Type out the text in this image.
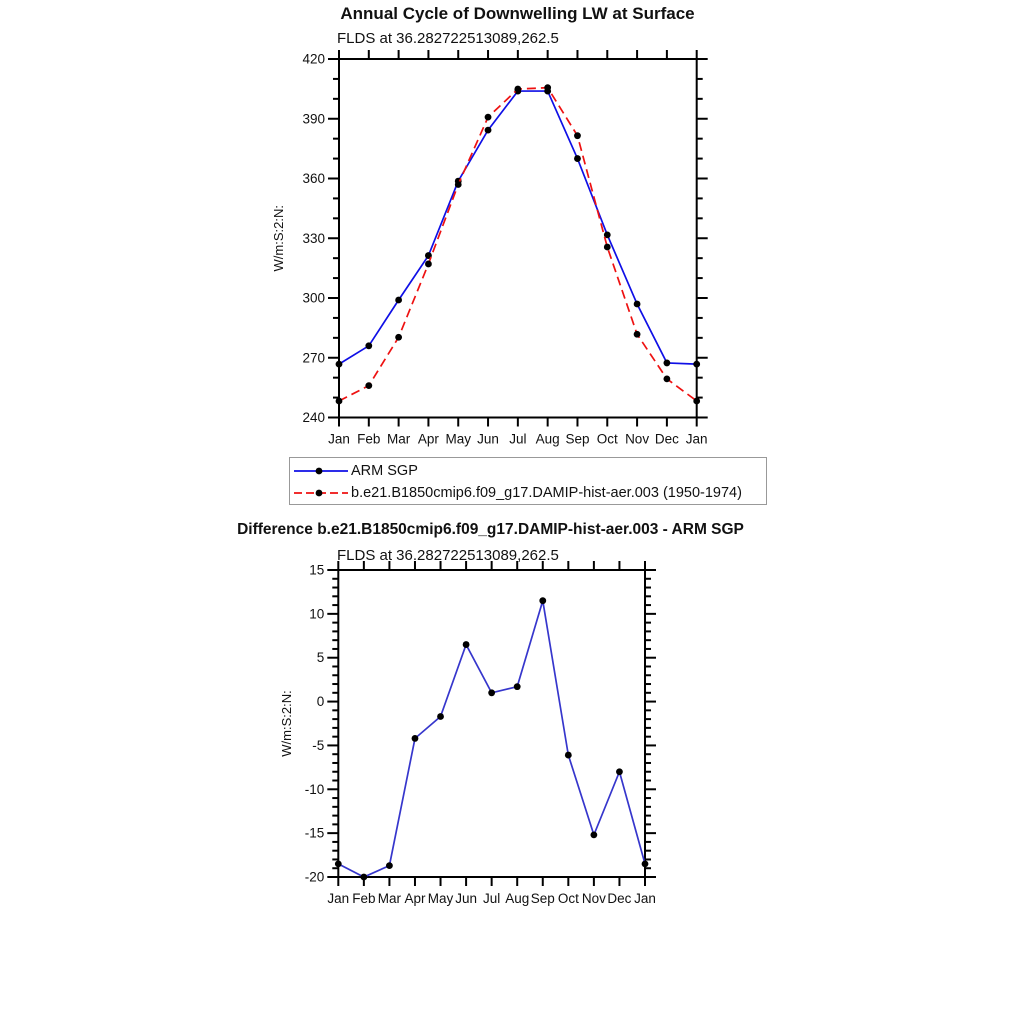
Annual Cycle of Downwelling LW at Surface
FLDS at 36.282722513089,262.5
240
270
300
330
360
390
420
Jan Feb Mar Apr May Jun Jul Aug Sep Oct Nov Dec Jan
W/m:S:2:N:
ARM SGP
b.e21.B1850cmip6.f09_g17.DAMIP-hist-aer.003 (1950-1974)
Difference b.e21.B1850cmip6.f09_g17.DAMIP-hist-aer.003 - ARM SGP
FLDS at 36.282722513089,262.5
-20
-15
-10
-5
0
5
10
15
Jan Feb Mar Apr May Jun Jul Aug Sep Oct Nov Dec Jan
W/m:S:2:N:
